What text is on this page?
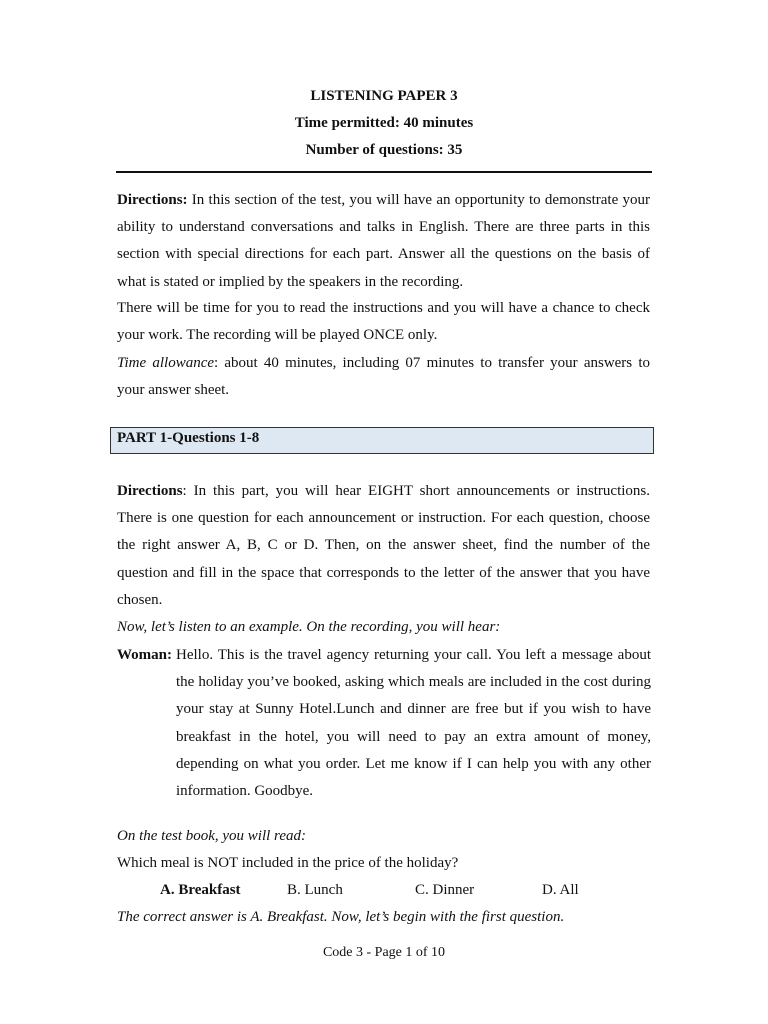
LISTENING PAPER 3
Time permitted: 40 minutes
Number of questions: 35
Directions: In this section of the test, you will have an opportunity to demonstrate your ability to understand conversations and talks in English. There are three parts in this section with special directions for each part. Answer all the questions on the basis of what is stated or implied by the speakers in the recording.
There will be time for you to read the instructions and you will have a chance to check your work. The recording will be played ONCE only.
Time allowance: about 40 minutes, including 07 minutes to transfer your answers to your answer sheet.
PART 1-Questions 1-8
Directions: In this part, you will hear EIGHT short announcements or instructions. There is one question for each announcement or instruction. For each question, choose the right answer A, B, C or D. Then, on the answer sheet, find the number of the question and fill in the space that corresponds to the letter of the answer that you have chosen.
Now, let’s listen to an example. On the recording, you will hear:
Woman: Hello. This is the travel agency returning your call. You left a message about the holiday you’ve booked, asking which meals are included in the cost during your stay at Sunny Hotel.Lunch and dinner are free but if you wish to have breakfast in the hotel, you will need to pay an extra amount of money, depending on what you order. Let me know if I can help you with any other information. Goodbye.
On the test book, you will read:
Which meal is NOT included in the price of the holiday?
A. Breakfast	B. Lunch	C. Dinner	D. All
The correct answer is A. Breakfast. Now, let’s begin with the first question.
Code 3 - Page 1 of 10
